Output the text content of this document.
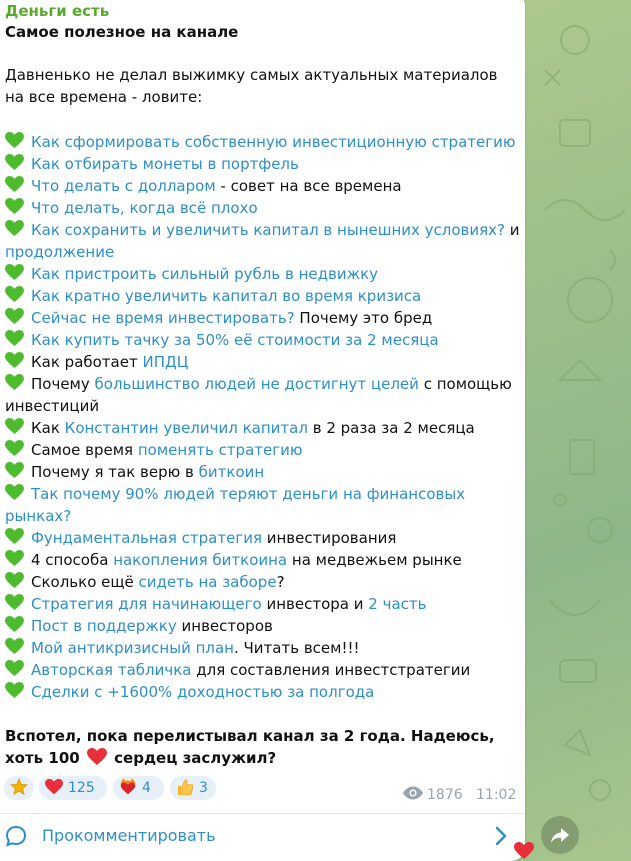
Деньги есть
Самое полезное на канале
Давненько не делал выжимку самых актуальных материалов на все времена - ловите:
Как сформировать собственную инвестиционную стратегию
Как отбирать монеты в портфель
Что делать с долларом - совет на все времена
Что делать, когда всё плохо
Как сохранить и увеличить капитал в нынешних условиях? и продолжение
Как пристроить сильный рубль в недвижку
Как кратно увеличить капитал во время кризиса
Сейчас не время инвестировать? Почему это бред
Как купить тачку за 50% её стоимости за 2 месяца
Как работает ИПДЦ
Почему большинство людей не достигнут целей с помощью инвестиций
Как Константин увеличил капитал в 2 раза за 2 месяца
Самое время поменять стратегию
Почему я так верю в биткоин
Так почему 90% людей теряют деньги на финансовых рынках?
Фундаментальная стратегия инвестирования
4 способа накопления биткоина на медвежьем рынке
Сколько ещё сидеть на заборе?
Стратегия для начинающего инвестора и 2 часть
Пост в поддержку инвесторов
Мой антикризисный план. Читать всем!!!
Авторская табличка для составления инвестстратегии
Сделки с +1600% доходностью за полгода
Вспотел, пока перелистывал канал за 2 года. Надеюсь, хоть 100  сердец заслужил?
125	4	3	1876 11:02
Прокомментировать
